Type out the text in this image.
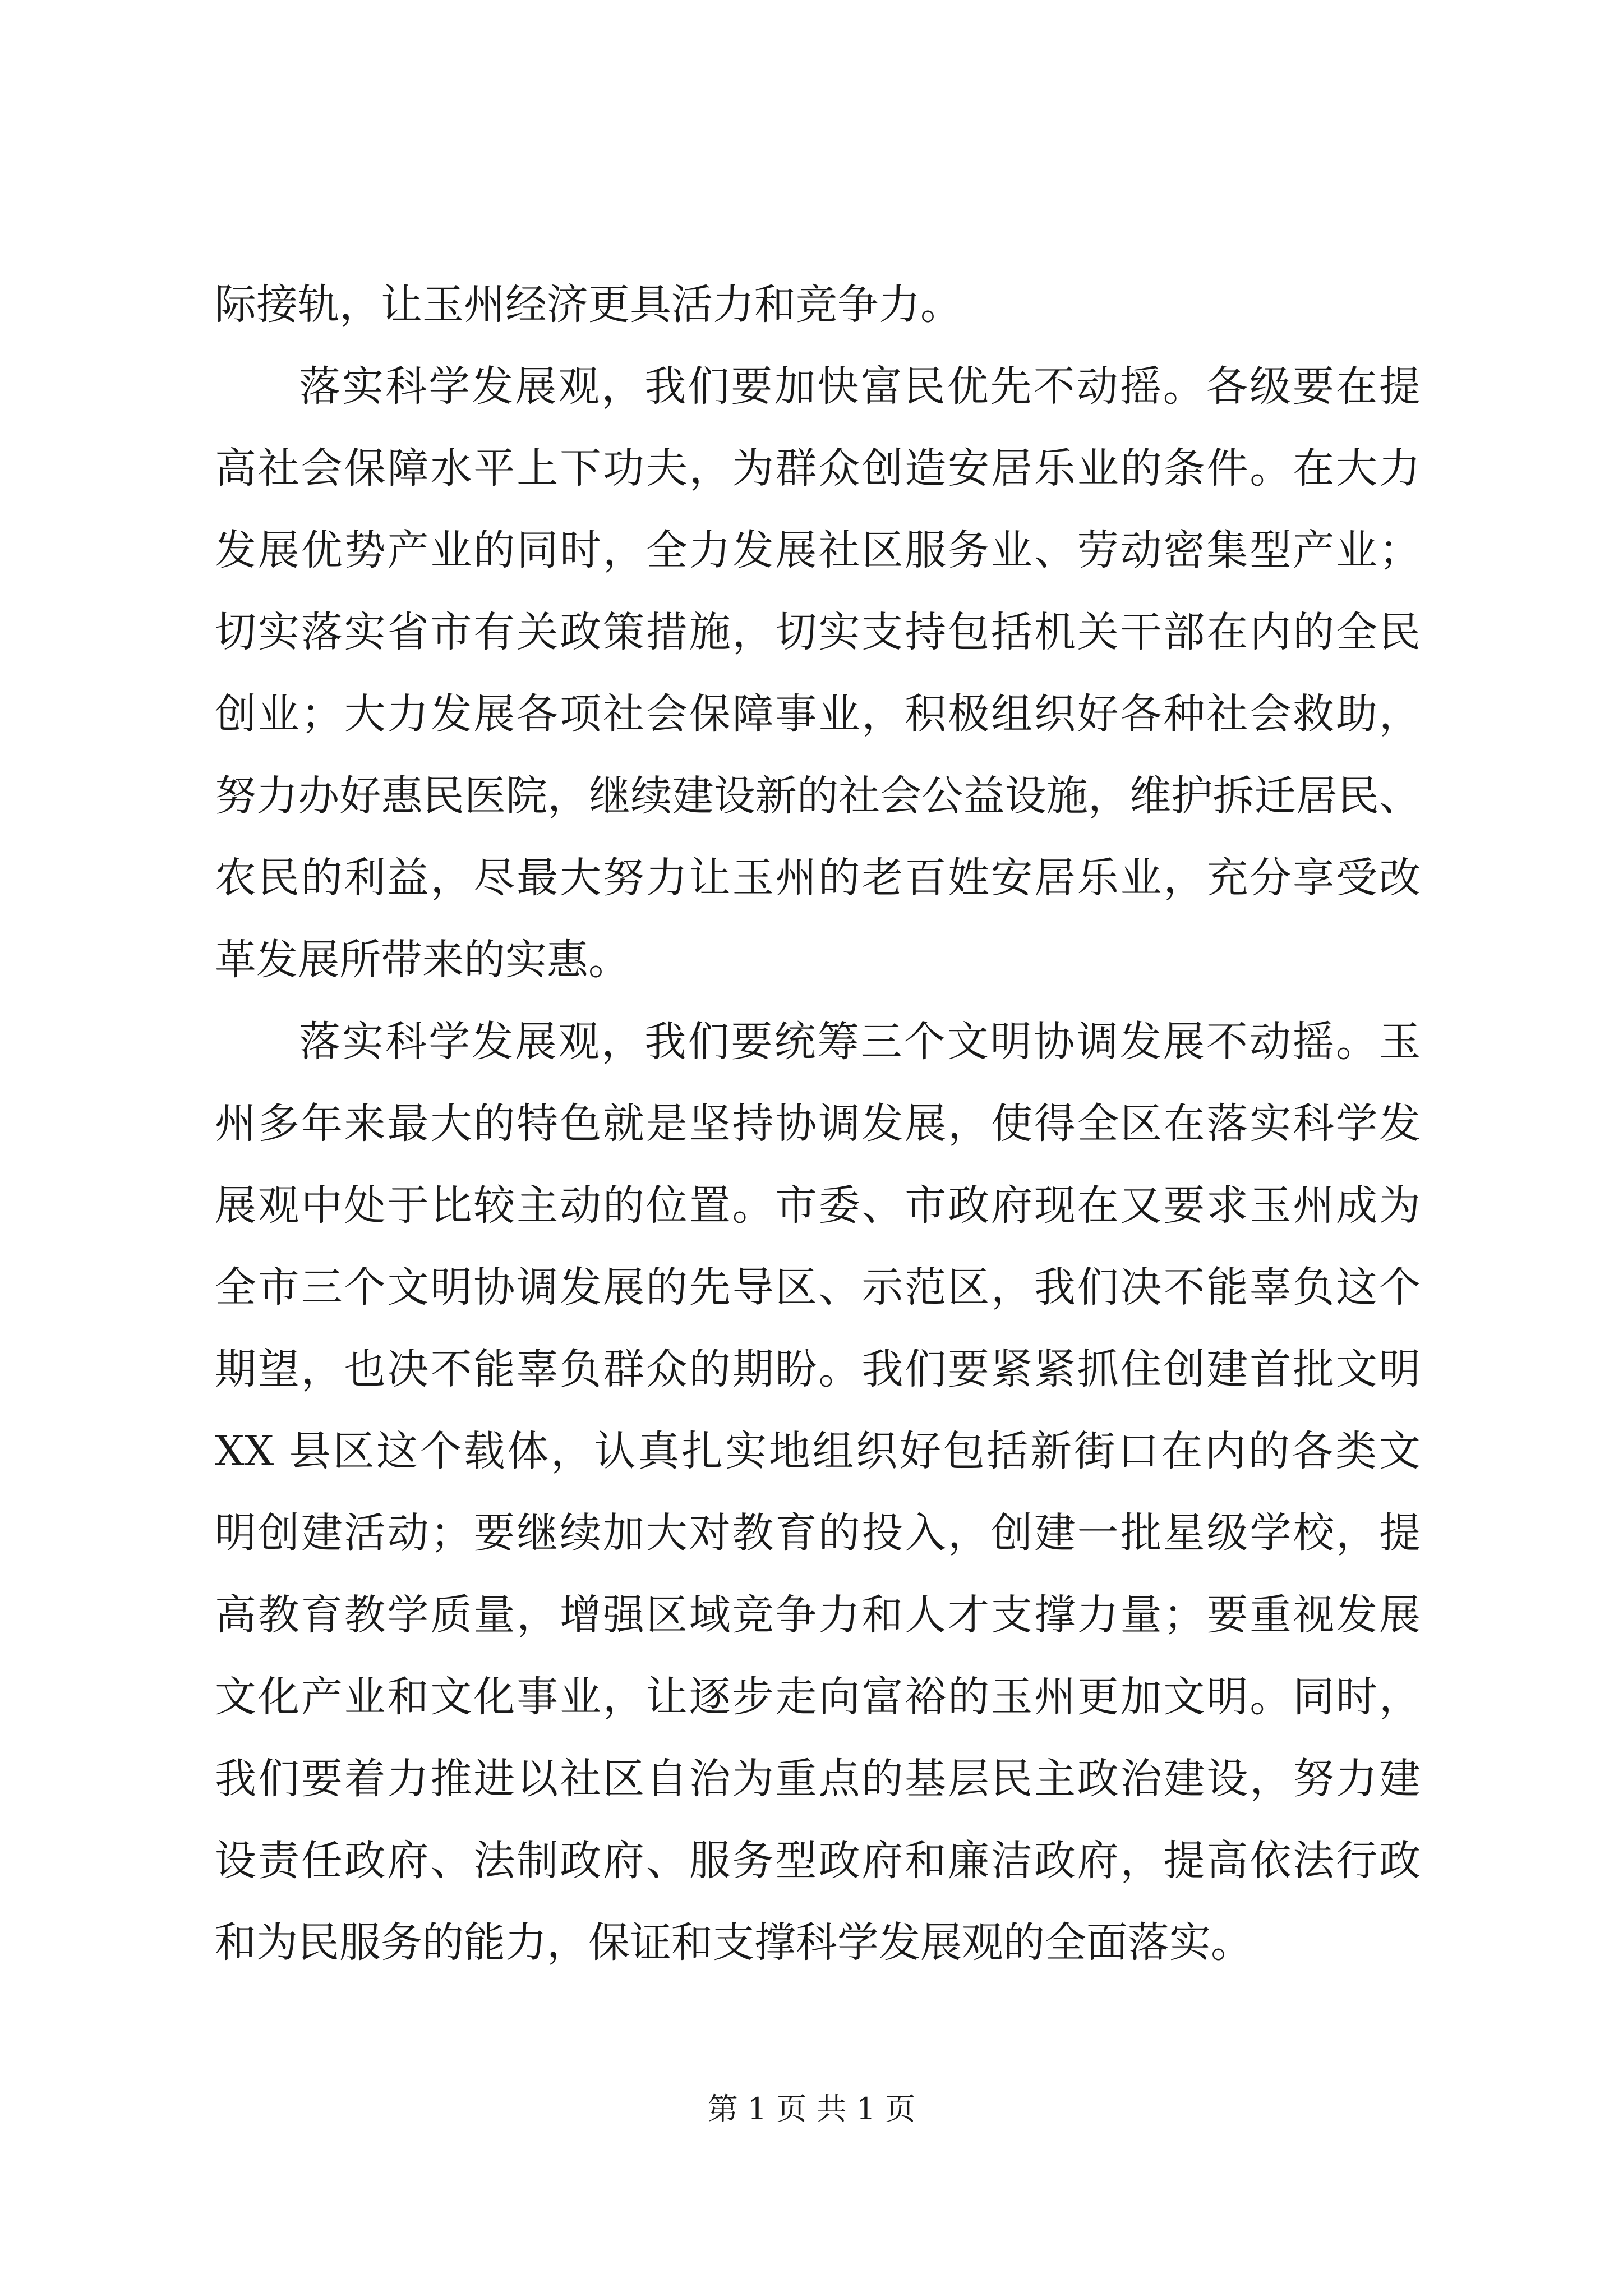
际接轨，让玉州经济更具活力和竞争力。
落实科学发展观，我们要加快富民优先不动摇。各级要在提
高社会保障水平上下功夫，为群众创造安居乐业的条件。在大力
发展优势产业的同时，全力发展社区服务业、劳动密集型产业；
切实落实省市有关政策措施，切实支持包括机关干部在内的全民
创业；大力发展各项社会保障事业，积极组织好各种社会救助，
努力办好惠民医院，继续建设新的社会公益设施，维护拆迁居民、
农民的利益，尽最大努力让玉州的老百姓安居乐业，充分享受改
革发展所带来的实惠。
落实科学发展观，我们要统筹三个文明协调发展不动摇。玉
州多年来最大的特色就是坚持协调发展，使得全区在落实科学发
展观中处于比较主动的位置。市委、市政府现在又要求玉州成为
全市三个文明协调发展的先导区、示范区，我们决不能辜负这个
期望，也决不能辜负群众的期盼。我们要紧紧抓住创建首批文明
XX 县区这个载体，认真扎实地组织好包括新街口在内的各类文
明创建活动；要继续加大对教育的投入，创建一批星级学校，提
高教育教学质量，增强区域竞争力和人才支撑力量；要重视发展
文化产业和文化事业，让逐步走向富裕的玉州更加文明。同时，
我们要着力推进以社区自治为重点的基层民主政治建设，努力建
设责任政府、法制政府、服务型政府和廉洁政府，提高依法行政
和为民服务的能力，保证和支撑科学发展观的全面落实。
第 1 页 共 1 页
